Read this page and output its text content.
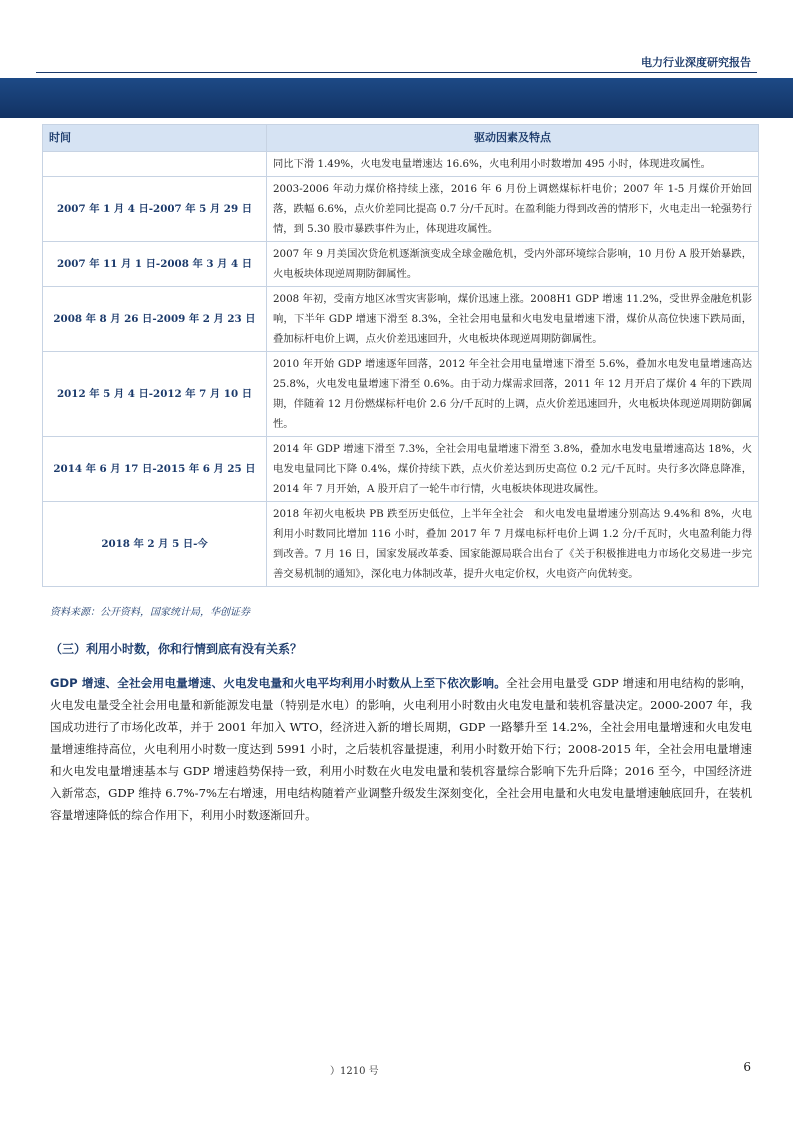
电力行业深度研究报告
时间	驱动因素及特点
	同比下滑 1.49%，火电发电量增速达 16.6%，火电利用小时数增加 495 小时，体现进攻属性。
2007 年 1 月 4 日-2007 年 5 月 29 日	2003-2006 年动力煤价格持续上涨，2016 年 6 月份上调燃煤标杆电价；2007 年 1-5 月煤价开始回落，跌幅 6.6%，点火价差同比提高 0.7 分/千瓦时。在盈利能力得到改善的情形下，火电走出一轮强势行情，到 5.30 股市暴跌事件为止，体现进攻属性。
2007 年 11 月 1 日-2008 年 3 月 4 日	2007 年 9 月美国次贷危机逐渐演变成全球金融危机，受内外部环境综合影响，10 月份 A 股开始暴跌，火电板块体现逆周期防御属性。
2008 年 8 月 26 日-2009 年 2 月 23 日	2008 年初，受南方地区冰雪灾害影响，煤价迅速上涨。2008H1 GDP 增速 11.2%，受世界金融危机影响，下半年 GDP 增速下滑至 8.3%，全社会用电量和火电发电量增速下滑，煤价从高位快速下跌局面，叠加标杆电价上调，点火价差迅速回升，火电板块体现逆周期防御属性。
2012 年 5 月 4 日-2012 年 7 月 10 日	2010 年开始 GDP 增速逐年回落，2012 年全社会用电量增速下滑至 5.6%，叠加水电发电量增速高达 25.8%，火电发电量增速下滑至 0.6%。由于动力煤需求回落，2011 年 12 月开启了煤价 4 年的下跌周期，伴随着 12 月份燃煤标杆电价 2.6 分/千瓦时的上调，点火价差迅速回升，火电板块体现逆周期防御属性。
2014 年 6 月 17 日-2015 年 6 月 25 日	2014 年 GDP 增速下滑至 7.3%，全社会用电量增速下滑至 3.8%，叠加水电发电量增速高达 18%，火电发电量同比下降 0.4%，煤价持续下跌，点火价差达到历史高位 0.2 元/千瓦时。央行多次降息降准，2014 年 7 月开始，A 股开启了一轮牛市行情，火电板块体现进攻属性。
2018 年 2 月 5 日-今	2018 年初火电板块 PB 跌至历史低位，上半年全社会　和火电发电量增速分别高达 9.4%和 8%，火电利用小时数同比增加 116 小时，叠加 2017 年 7 月煤电标杆电价上调 1.2 分/千瓦时，火电盈利能力得到改善。7 月 16 日，国家发展改革委、国家能源局联合出台了《关于积极推进电力市场化交易进一步完善交易机制的通知》，深化电力体制改革，提升火电定价权，火电资产向优转变。
资料来源：公开资料，国家统计局，华创证券
（三）利用小时数，你和行情到底有没有关系？
GDP 增速、全社会用电量增速、火电发电量和火电平均利用小时数从上至下依次影响。全社会用电量受 GDP 增速和用电结构的影响，火电发电量受全社会用电量和新能源发电量（特别是水电）的影响，火电利用小时数由火电发电量和装机容量决定。2000-2007 年，我国成功进行了市场化改革，并于 2001 年加入 WTO，经济进入新的增长周期，GDP 一路攀升至 14.2%，全社会用电量增速和火电发电量增速维持高位，火电利用小时数一度达到 5991 小时，之后装机容量提速，利用小时数开始下行；2008-2015 年，全社会用电量增速和火电发电量增速基本与 GDP 增速趋势保持一致，利用小时数在火电发电量和装机容量综合影响下先升后降；2016 至今，中国经济进入新常态，GDP 维持 6.7%-7%左右增速，用电结构随着产业调整升级发生深刻变化，全社会用电量和火电发电量增速触底回升，在装机容量增速降低的综合作用下，利用小时数逐渐回升。
）1210 号	6
